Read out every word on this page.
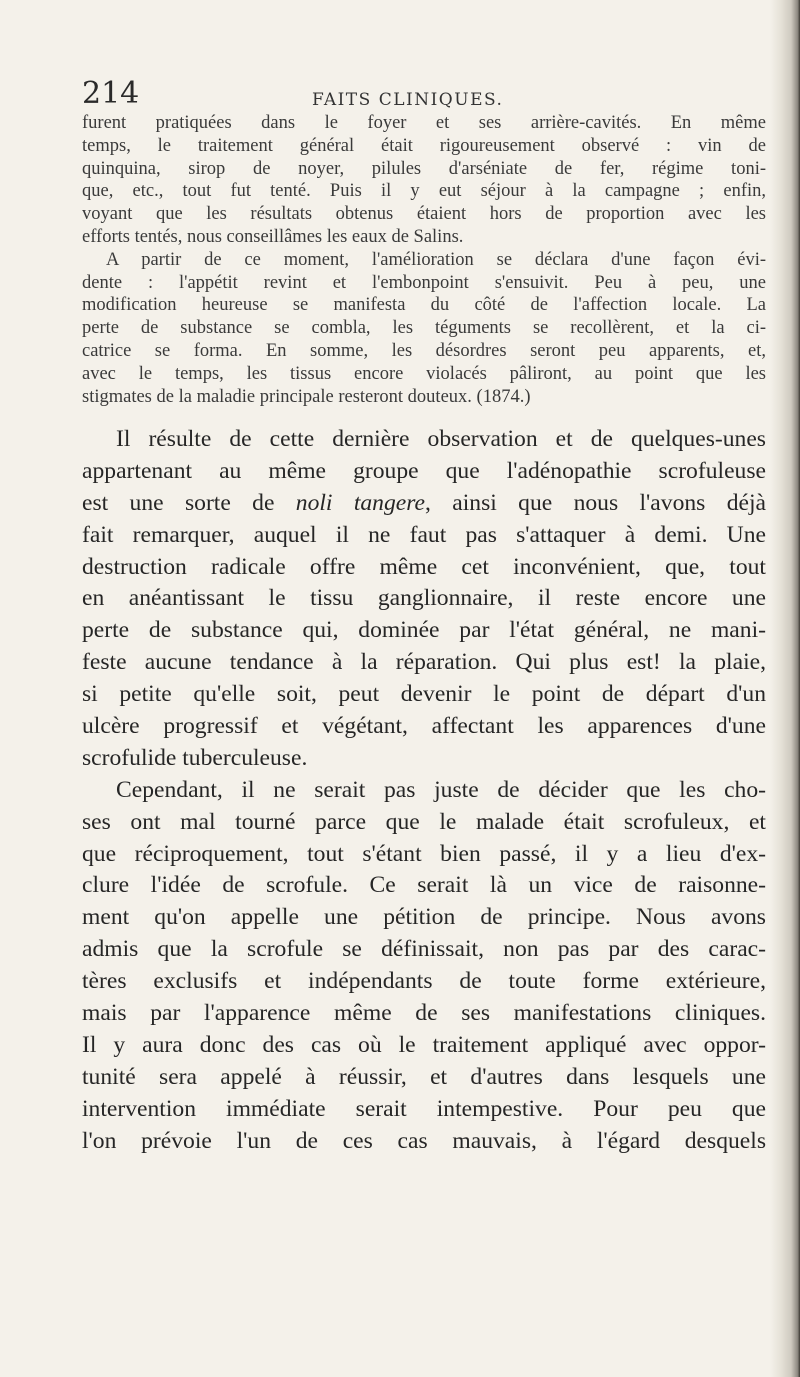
214	FAITS CLINIQUES.
furent pratiquées dans le foyer et ses arrière-cavités. En même
temps, le traitement général était rigoureusement observé : vin de
quinquina, sirop de noyer, pilules d'arséniate de fer, régime toni-
que, etc., tout fut tenté. Puis il y eut séjour à la campagne ; enfin,
voyant que les résultats obtenus étaient hors de proportion avec les
efforts tentés, nous conseillâmes les eaux de Salins.
A partir de ce moment, l'amélioration se déclara d'une façon évi-
dente : l'appétit revint et l'embonpoint s'ensuivit. Peu à peu, une
modification heureuse se manifesta du côté de l'affection locale. La
perte de substance se combla, les téguments se recollèrent, et la ci-
catrice se forma. En somme, les désordres seront peu apparents, et,
avec le temps, les tissus encore violacés pâliront, au point que les
stigmates de la maladie principale resteront douteux. (1874.)
Il résulte de cette dernière observation et de quelques-unes
appartenant au même groupe que l'adénopathie scrofuleuse
est une sorte de noli tangere, ainsi que nous l'avons déjà
fait remarquer, auquel il ne faut pas s'attaquer à demi. Une
destruction radicale offre même cet inconvénient, que, tout
en anéantissant le tissu ganglionnaire, il reste encore une
perte de substance qui, dominée par l'état général, ne mani-
feste aucune tendance à la réparation. Qui plus est! la plaie,
si petite qu'elle soit, peut devenir le point de départ d'un
ulcère progressif et végétant, affectant les apparences d'une
scrofulide tuberculeuse.
Cependant, il ne serait pas juste de décider que les cho-
ses ont mal tourné parce que le malade était scrofuleux, et
que réciproquement, tout s'étant bien passé, il y a lieu d'ex-
clure l'idée de scrofule. Ce serait là un vice de raisonne-
ment qu'on appelle une pétition de principe. Nous avons
admis que la scrofule se définissait, non pas par des carac-
tères exclusifs et indépendants de toute forme extérieure,
mais par l'apparence même de ses manifestations cliniques.
Il y aura donc des cas où le traitement appliqué avec oppor-
tunité sera appelé à réussir, et d'autres dans lesquels une
intervention immédiate serait intempestive. Pour peu que
l'on prévoie l'un de ces cas mauvais, à l'égard desquels
